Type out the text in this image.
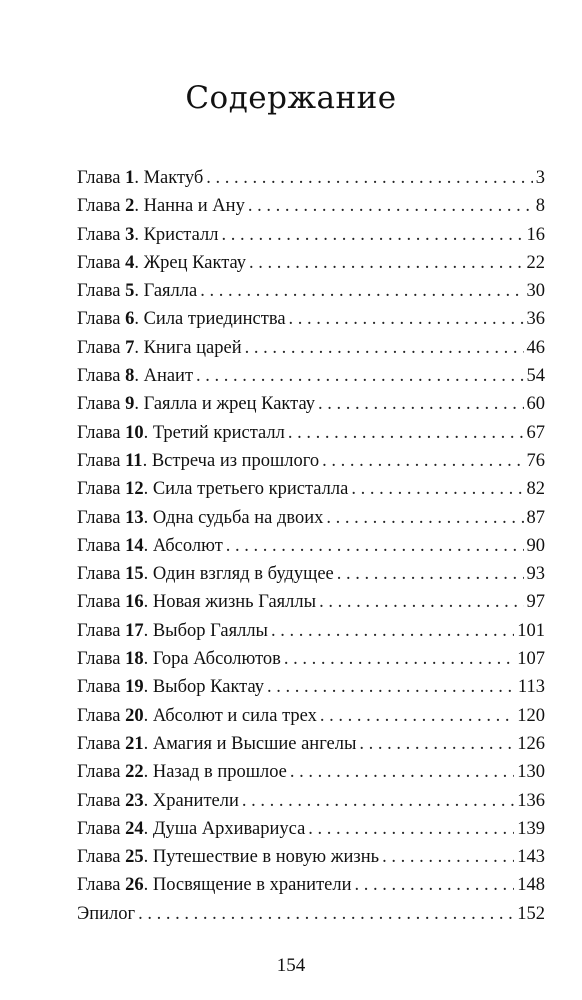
Содержание
Глава 1. Мактуб . . .	3
Глава 2. Нанна и Ану . . .	8
Глава 3. Кристалл . . .	16
Глава 4. Жрец Кактау . . .	22
Глава 5. Гаялла . . .	30
Глава 6. Сила триединства . . .	36
Глава 7. Книга царей . . .	46
Глава 8. Анаит . . .	54
Глава 9. Гаялла и жрец Кактау . . .	60
Глава 10. Третий кристалл . . .	67
Глава 11. Встреча из прошлого . . .	76
Глава 12. Сила третьего кристалла . . .	82
Глава 13. Одна судьба на двоих . . .	87
Глава 14. Абсолют . . .	90
Глава 15. Один взгляд в будущее . . .	93
Глава 16. Новая жизнь Гаяллы . . .	97
Глава 17. Выбор Гаяллы . . .	101
Глава 18. Гора Абсолютов . . .	107
Глава 19. Выбор Кактау . . .	113
Глава 20. Абсолют и сила трех . . .	120
Глава 21. Амагия и Высшие ангелы . . .	126
Глава 22. Назад в прошлое . . .	130
Глава 23. Хранители . . .	136
Глава 24. Душа Архивариуса . . .	139
Глава 25. Путешествие в новую жизнь . . .	143
Глава 26. Посвящение в хранители . . .	148
Эпилог . . .	152
154
